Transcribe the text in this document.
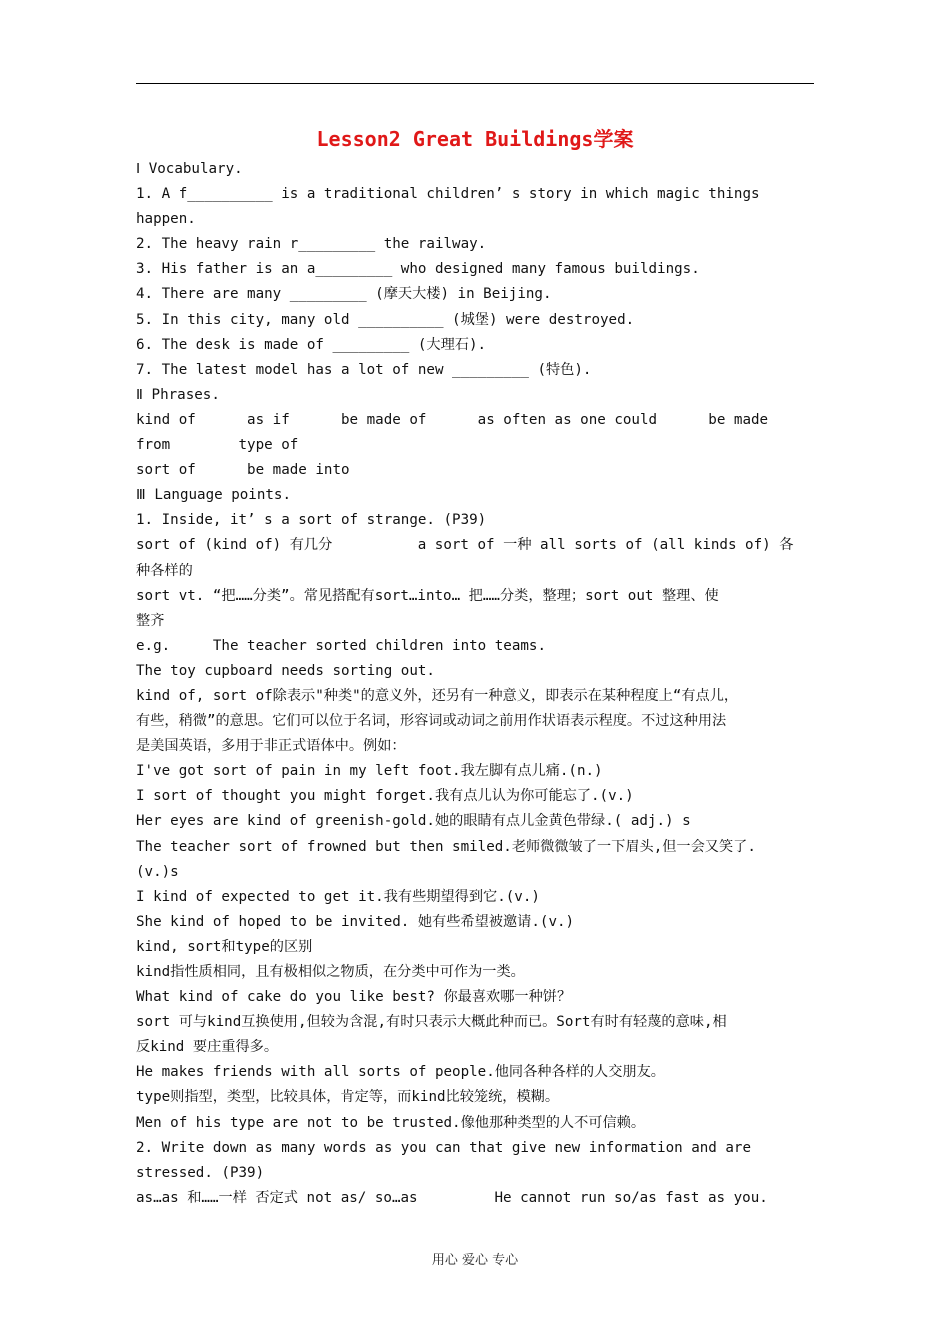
Lesson2 Great Buildings学案
Ⅰ Vocabulary.
1. A f__________ is a traditional children’ s story in which magic things
happen.
2. The heavy rain r_________ the railway.
3. His father is an a_________ who designed many famous buildings.
4. There are many _________ (摩天大楼) in Beijing.
5. In this city, many old __________ (城堡) were destroyed.
6. The desk is made of _________ (大理石).
7. The latest model has a lot of new _________ (特色).
Ⅱ Phrases.
kind of      as if      be made of      as often as one could      be made
from        type of
sort of      be made into
Ⅲ Language points.
1. Inside, it’ s a sort of strange. (P39)
sort of (kind of) 有几分          a sort of 一种 all sorts of (all kinds of) 各
种各样的
sort vt. “把……分类”。常见搭配有sort…into… 把……分类，整理；sort out 整理、使
整齐
e.g.     The teacher sorted children into teams.
The toy cupboard needs sorting out.
kind of, sort of除表示"种类"的意义外，还另有一种意义，即表示在某种程度上“有点儿，
有些，稍微”的意思。它们可以位于名词，形容词或动词之前用作状语表示程度。不过这种用法
是美国英语，多用于非正式语体中。例如：
I've got sort of pain in my left foot.我左脚有点儿痛.(n.)
I sort of thought you might forget.我有点儿认为你可能忘了.(v.)
Her eyes are kind of greenish-gold.她的眼睛有点儿金黄色带绿.( adj.) s
The teacher sort of frowned but then smiled.老师微微皱了一下眉头,但一会又笑了.
(v.)s
I kind of expected to get it.我有些期望得到它.(v.)
She kind of hoped to be invited. 她有些希望被邀请.(v.)
kind, sort和type的区别
kind指性质相同，且有极相似之物质，在分类中可作为一类。
What kind of cake do you like best? 你最喜欢哪一种饼？
sort 可与kind互换使用,但较为含混,有时只表示大概此种而已。Sort有时有轻蔑的意味,相
反kind 要庄重得多。
He makes friends with all sorts of people.他同各种各样的人交朋友。
type则指型，类型，比较具体，肯定等，而kind比较笼统，模糊。
Men of his type are not to be trusted.像他那种类型的人不可信赖。
2. Write down as many words as you can that give new information and are
stressed. (P39)
as…as 和……一样 否定式 not as/ so…as         He cannot run so/as fast as you.
用心 爱心 专心
